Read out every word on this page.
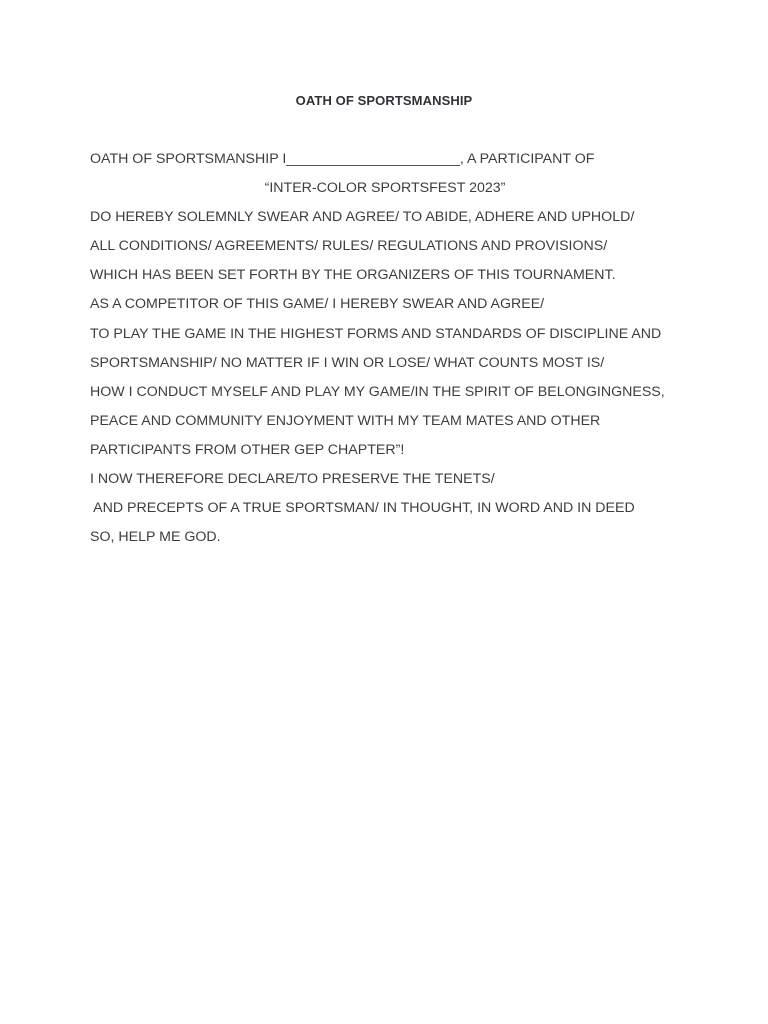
OATH OF SPORTSMANSHIP
OATH OF SPORTSMANSHIP I______________________, A PARTICIPANT OF
“INTER-COLOR SPORTSFEST 2023”
DO HEREBY SOLEMNLY SWEAR AND AGREE/ TO ABIDE, ADHERE AND UPHOLD/
ALL CONDITIONS/ AGREEMENTS/ RULES/ REGULATIONS AND PROVISIONS/
WHICH HAS BEEN SET FORTH BY THE ORGANIZERS OF THIS TOURNAMENT.
AS A COMPETITOR OF THIS GAME/ I HEREBY SWEAR AND AGREE/
TO PLAY THE GAME IN THE HIGHEST FORMS AND STANDARDS OF DISCIPLINE AND
SPORTSMANSHIP/ NO MATTER IF I WIN OR LOSE/ WHAT COUNTS MOST IS/
HOW I CONDUCT MYSELF AND PLAY MY GAME/IN THE SPIRIT OF BELONGINGNESS,
PEACE AND COMMUNITY ENJOYMENT WITH MY TEAM MATES AND OTHER
PARTICIPANTS FROM OTHER GEP CHAPTER”!
I NOW THEREFORE DECLARE/TO PRESERVE THE TENETS/
AND PRECEPTS OF A TRUE SPORTSMAN/ IN THOUGHT, IN WORD AND IN DEED
SO, HELP ME GOD.
